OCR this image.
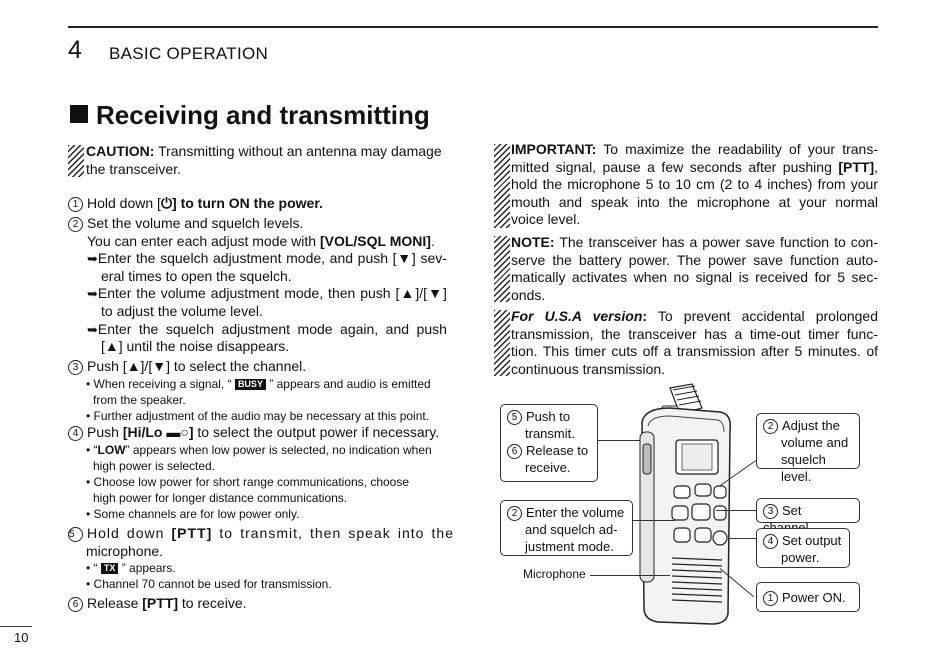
4 BASIC OPERATION
Receiving and transmitting
CAUTION: Transmitting without an antenna may damage
the transceiver.
1 Hold down [⏻] to turn ON the power.
2 Set the volume and squelch levels.
You can enter each adjust mode with [VOL/SQL MONI].
➥Enter the squelch adjustment mode, and push [▼] sev-
eral times to open the squelch.
➥Enter the volume adjustment mode, then push [▲]/[▼]
to adjust the volume level.
➥Enter the squelch adjustment mode again, and push
[▲] until the noise disappears.
3 Push [▲]/[▼] to select the channel.
• When receiving a signal, “ BUSY ” appears and audio is emitted
from the speaker.
• Further adjustment of the audio may be necessary at this point.
4 Push [Hi/Lo ▬○] to select the output power if necessary.
• “LOW” appears when low power is selected, no indication when
high power is selected.
• Choose low power for short range communications, choose
high power for longer distance communications.
• Some channels are for low power only.
5 Hold down [PTT] to transmit, then speak into the
microphone.
• “ TX ” appears.
• Channel 70 cannot be used for transmission.
6 Release [PTT] to receive.
IMPORTANT: To maximize the readability of your trans-
mitted signal, pause a few seconds after pushing [PTT],
hold the microphone 5 to 10 cm (2 to 4 inches) from your
mouth and speak into the microphone at your normal
voice level.
NOTE: The transceiver has a power save function to con-
serve the battery power. The power save function auto-
matically activates when no signal is received for 5 sec-
onds.
For U.S.A version: To prevent accidental prolonged
transmission, the transceiver has a time-out timer func-
tion. This timer cuts off a transmission after 5 minutes. of
continuous transmission.
5 Push to
transmit.
6 Release to
receive.
2 Enter the volume
and squelch ad-
justment mode.
Microphone
2 Adjust the
volume and
squelch level.
3 Set
4 Set output
power.
1 Power ON.
10
